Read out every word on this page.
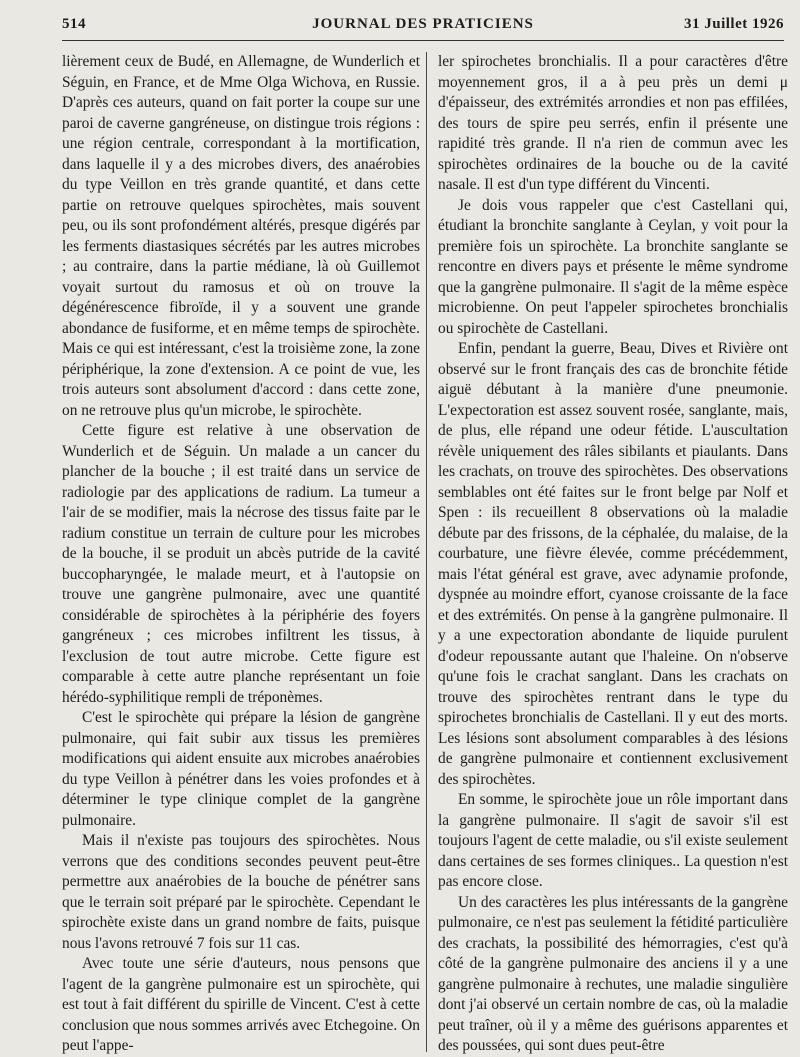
514	JOURNAL DES PRATICIENS	31 Juillet 1926

lièrement ceux de Budé, en Allemagne, de Wunderlich et Séguin, en France, et de Mme Olga Wichova, en Russie. D'après ces auteurs, quand on fait porter la coupe sur une paroi de caverne gangréneuse, on distingue trois régions : une région centrale, correspondant à la mortification, dans laquelle il y a des microbes divers, des anaérobies du type Veillon en très grande quantité, et dans cette partie on retrouve quelques spirochètes, mais souvent peu, ou ils sont profondément altérés, presque digérés par les ferments diastasiques sécrétés par les autres microbes ; au contraire, dans la partie médiane, là où Guillemot voyait surtout du ramosus et où on trouve la dégénérescence fibroïde, il y a souvent une grande abondance de fusiforme, et en même temps de spirochète. Mais ce qui est intéressant, c'est la troisième zone, la zone périphérique, la zone d'extension. A ce point de vue, les trois auteurs sont absolument d'accord : dans cette zone, on ne retrouve plus qu'un microbe, le spirochète.

Cette figure est relative à une observation de Wunderlich et de Séguin. Un malade a un cancer du plancher de la bouche ; il est traité dans un service de radiologie par des applications de radium. La tumeur a l'air de se modifier, mais la nécrose des tissus faite par le radium constitue un terrain de culture pour les microbes de la bouche, il se produit un abcès putride de la cavité buccopharyngée, le malade meurt, et à l'autopsie on trouve une gangrène pulmonaire, avec une quantité considérable de spirochètes à la périphérie des foyers gangréneux ; ces microbes infiltrent les tissus, à l'exclusion de tout autre microbe. Cette figure est comparable à cette autre planche représentant un foie hérédo-syphilitique rempli de tréponèmes.

C'est le spirochète qui prépare la lésion de gangrène pulmonaire, qui fait subir aux tissus les premières modifications qui aident ensuite aux microbes anaérobies du type Veillon à pénétrer dans les voies profondes et à déterminer le type clinique complet de la gangrène pulmonaire.

Mais il n'existe pas toujours des spirochètes. Nous verrons que des conditions secondes peuvent peut-être permettre aux anaérobies de la bouche de pénétrer sans que le terrain soit préparé par le spirochète. Cependant le spirochète existe dans un grand nombre de faits, puisque nous l'avons retrouvé 7 fois sur 11 cas.

Avec toute une série d'auteurs, nous pensons que l'agent de la gangrène pulmonaire est un spirochète, qui est tout à fait différent du spirille de Vincent. C'est à cette conclusion que nous sommes arrivés avec Etchegoine. On peut l'appe-

ler spirochetes bronchialis. Il a pour caractères d'être moyennement gros, il a à peu près un demi μ d'épaisseur, des extrémités arrondies et non pas effilées, des tours de spire peu serrés, enfin il présente une rapidité très grande. Il n'a rien de commun avec les spirochètes ordinaires de la bouche ou de la cavité nasale. Il est d'un type différent du Vincenti.

Je dois vous rappeler que c'est Castellani qui, étudiant la bronchite sanglante à Ceylan, y voit pour la première fois un spirochète. La bronchite sanglante se rencontre en divers pays et présente le même syndrome que la gangrène pulmonaire. Il s'agit de la même espèce microbienne. On peut l'appeler spirochetes bronchialis ou spirochète de Castellani.

Enfin, pendant la guerre, Beau, Dives et Rivière ont observé sur le front français des cas de bronchite fétide aiguë débutant à la manière d'une pneumonie. L'expectoration est assez souvent rosée, sanglante, mais, de plus, elle répand une odeur fétide. L'auscultation révèle uniquement des râles sibilants et piaulants. Dans les crachats, on trouve des spirochètes. Des observations semblables ont été faites sur le front belge par Nolf et Spen : ils recueillent 8 observations où la maladie débute par des frissons, de la céphalée, du malaise, de la courbature, une fièvre élevée, comme précédemment, mais l'état général est grave, avec adynamie profonde, dyspnée au moindre effort, cyanose croissante de la face et des extrémités. On pense à la gangrène pulmonaire. Il y a une expectoration abondante de liquide purulent d'odeur repoussante autant que l'haleine. On n'observe qu'une fois le crachat sanglant. Dans les crachats on trouve des spirochètes rentrant dans le type du spirochetes bronchialis de Castellani. Il y eut des morts. Les lésions sont absolument comparables à des lésions de gangrène pulmonaire et contiennent exclusivement des spirochètes.

En somme, le spirochète joue un rôle important dans la gangrène pulmonaire. Il s'agit de savoir s'il est toujours l'agent de cette maladie, ou s'il existe seulement dans certaines de ses formes cliniques.. La question n'est pas encore close.

Un des caractères les plus intéressants de la gangrène pulmonaire, ce n'est pas seulement la fétidité particulière des crachats, la possibilité des hémorragies, c'est qu'à côté de la gangrène pulmonaire des anciens il y a une gangrène pulmonaire à rechutes, une maladie singulière dont j'ai observé un certain nombre de cas, où la maladie peut traîner, où il y a même des guérisons apparentes et des poussées, qui sont dues peut-être
